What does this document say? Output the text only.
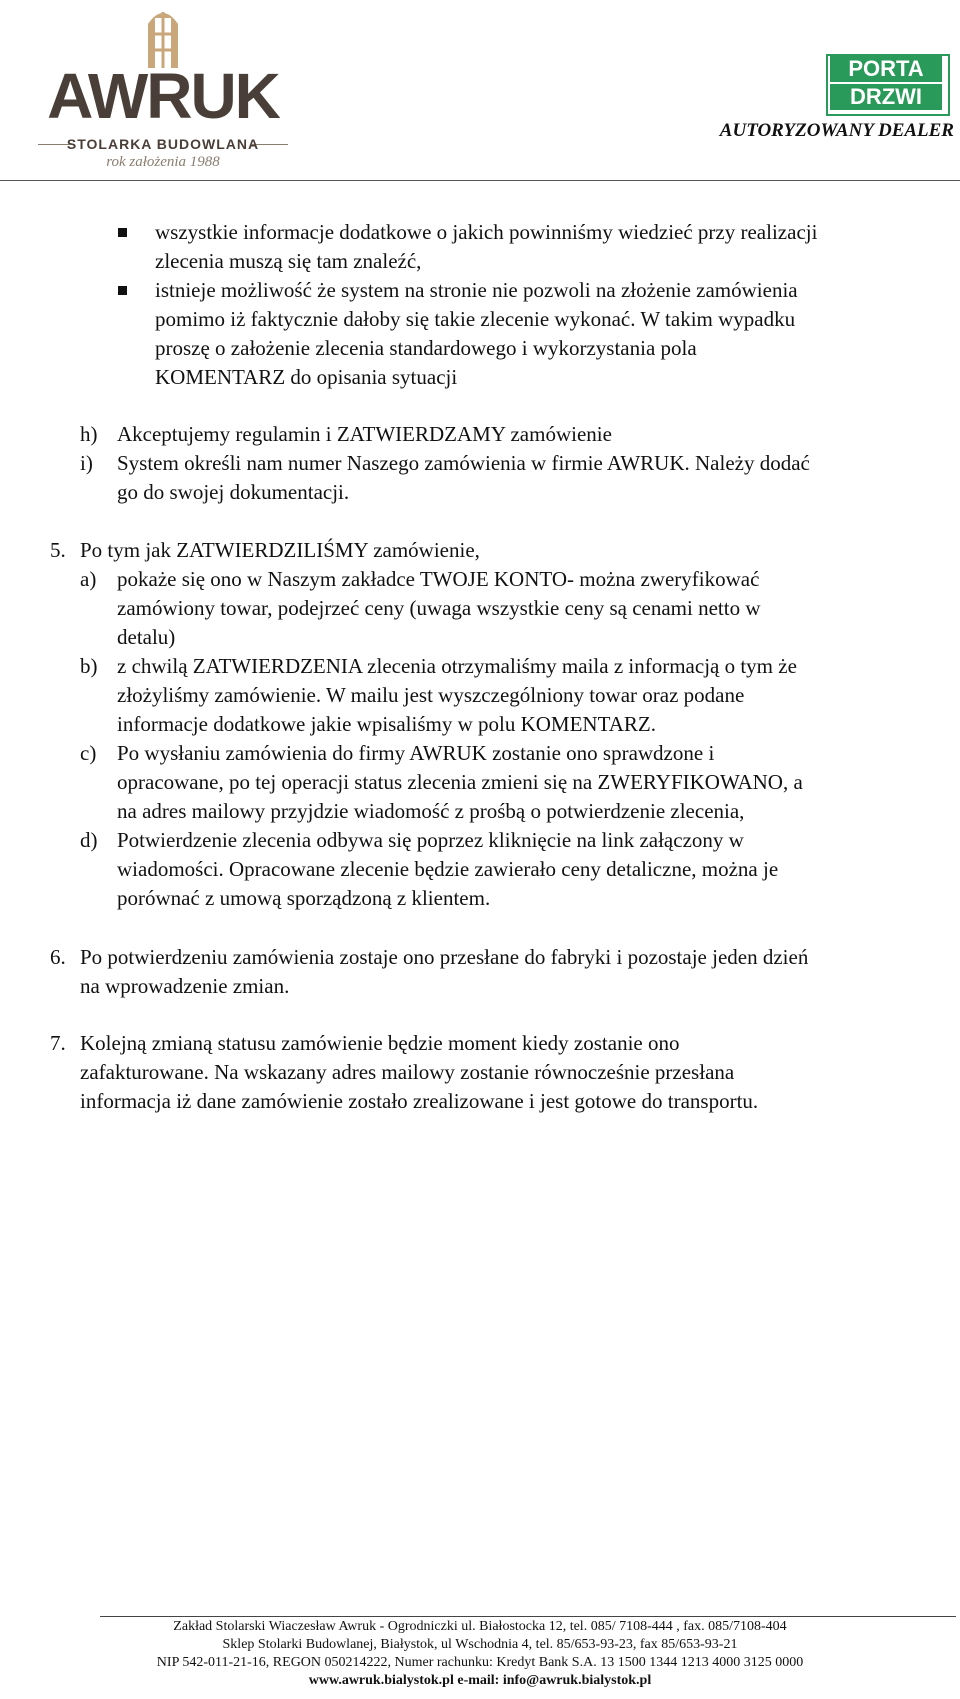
AWRUK
STOLARKA BUDOWLANA
rok założenia 1988
PORTA
DRZWI
AUTORYZOWANY DEALER
wszystkie informacje dodatkowe o jakich powinniśmy wiedzieć przy realizacji
zlecenia muszą się tam znaleźć,
istnieje możliwość że system na stronie nie pozwoli na złożenie zamówienia
pomimo iż faktycznie dałoby się takie zlecenie wykonać. W takim wypadku
proszę o założenie zlecenia standardowego i wykorzystania pola
KOMENTARZ do opisania sytuacji
h) Akceptujemy regulamin i ZATWIERDZAMY zamówienie
i) System określi nam numer Naszego zamówienia w firmie AWRUK. Należy dodać
go do swojej dokumentacji.
5. Po tym jak ZATWIERDZILIŚMY zamówienie,
a) pokaże się ono w Naszym zakładce TWOJE KONTO- można zweryfikować
zamówiony towar, podejrzeć ceny (uwaga wszystkie ceny są cenami netto w
detalu)
b) z chwilą ZATWIERDZENIA zlecenia otrzymaliśmy maila z informacją o tym że
złożyliśmy zamówienie. W mailu jest wyszczególniony towar oraz podane
informacje dodatkowe jakie wpisaliśmy w polu KOMENTARZ.
c) Po wysłaniu zamówienia do firmy AWRUK zostanie ono sprawdzone i
opracowane, po tej operacji status zlecenia zmieni się na ZWERYFIKOWANO, a
na adres mailowy przyjdzie wiadomość z prośbą o potwierdzenie zlecenia,
d) Potwierdzenie zlecenia odbywa się poprzez kliknięcie na link załączony w
wiadomości. Opracowane zlecenie będzie zawierało ceny detaliczne, można je
porównać z umową sporządzoną z klientem.
6. Po potwierdzeniu zamówienia zostaje ono przesłane do fabryki i pozostaje jeden dzień
na wprowadzenie zmian.
7. Kolejną zmianą statusu zamówienie będzie moment kiedy zostanie ono
zafakturowane. Na wskazany adres mailowy zostanie równocześnie przesłana
informacja iż dane zamówienie zostało zrealizowane i jest gotowe do transportu.
Zakład Stolarski Wiaczesław Awruk - Ogrodniczki ul. Białostocka 12, tel. 085/ 7108-444 , fax. 085/7108-404
Sklep Stolarki Budowlanej, Białystok, ul Wschodnia 4, tel. 85/653-93-23, fax 85/653-93-21
NIP 542-011-21-16, REGON 050214222, Numer rachunku: Kredyt Bank S.A. 13 1500 1344 1213 4000 3125 0000
www.awruk.bialystok.pl e-mail: info@awruk.bialystok.pl
